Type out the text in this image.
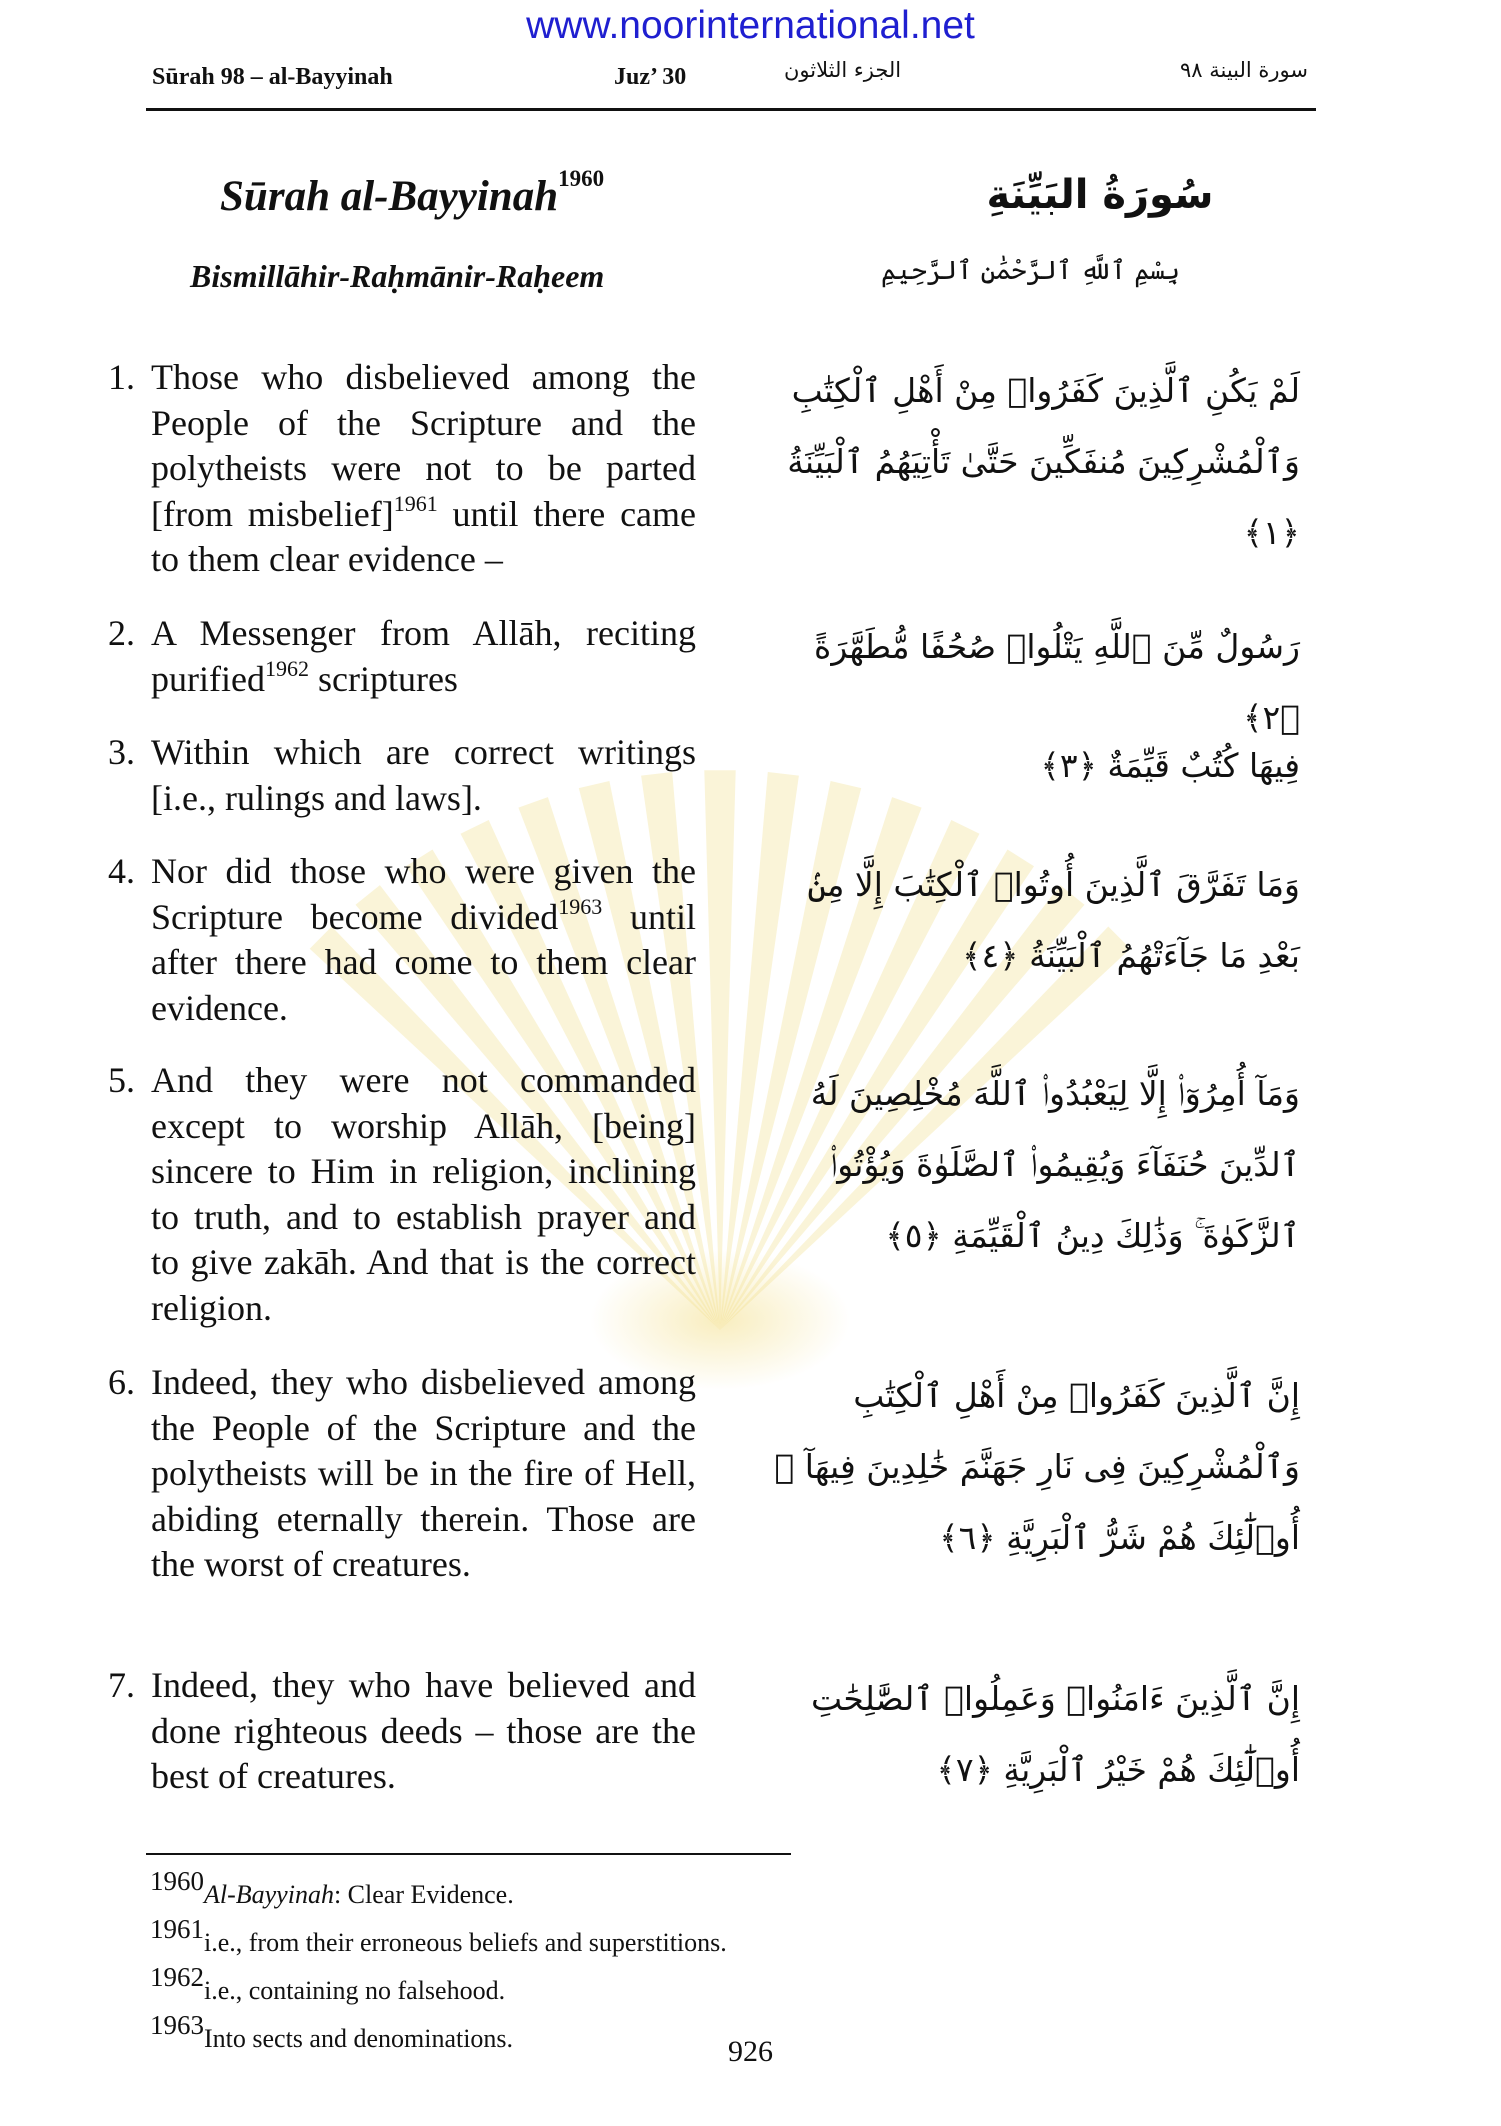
www.noorinternational.net
Sūrah 98 – al-Bayyinah	Juz’ 30	الجزء الثلاثون	سورة البينة ٩٨
Sūrah al-Bayyinah$^{1960}$	سُورَةُ البَيِّنَةِ
Bismillāhir-Raḥmānir-Raḥeem	بِسْمِ ٱللَّهِ ٱلرَّحْمَٰنِ ٱلرَّحِيمِ
1. Those who disbelieved among the People of the Scripture and the polytheists were not to be parted [from misbelief]$^{1961}$ until there came to them clear evidence –
لَمْ يَكُنِ ٱلَّذِينَ كَفَرُوا۟ مِنْ أَهْلِ ٱلْكِتَٰبِ وَٱلْمُشْرِكِينَ مُنفَكِّينَ حَتَّىٰ تَأْتِيَهُمُ ٱلْبَيِّنَةُ ﴿١﴾
2. A Messenger from Allāh, reciting purified$^{1962}$ scriptures
رَسُولٌ مِّنَ ٱللَّهِ يَتْلُوا۟ صُحُفًا مُّطَهَّرَةً ﴿٢﴾
3. Within which are correct writings [i.e., rulings and laws].
فِيهَا كُتُبٌ قَيِّمَةٌ ﴿٣﴾
4. Nor did those who were given the Scripture become divided$^{1963}$ until after there had come to them clear evidence.
وَمَا تَفَرَّقَ ٱلَّذِينَ أُوتُوا۟ ٱلْكِتَٰبَ إِلَّا مِنۢ بَعْدِ مَا جَآءَتْهُمُ ٱلْبَيِّنَةُ ﴿٤﴾
5. And they were not commanded except to worship Allāh, [being] sincere to Him in religion, inclining to truth, and to establish prayer and to give zakāh. And that is the correct religion.
وَمَآ أُمِرُوٓا۟ إِلَّا لِيَعْبُدُوا۟ ٱللَّهَ مُخْلِصِينَ لَهُ ٱلدِّينَ حُنَفَآءَ وَيُقِيمُوا۟ ٱلصَّلَوٰةَ وَيُؤْتُوا۟ ٱلزَّكَوٰةَ ۚ وَذَٰلِكَ دِينُ ٱلْقَيِّمَةِ ﴿٥﴾
6. Indeed, they who disbelieved among the People of the Scripture and the polytheists will be in the fire of Hell, abiding eternally therein. Those are the worst of creatures.
إِنَّ ٱلَّذِينَ كَفَرُوا۟ مِنْ أَهْلِ ٱلْكِتَٰبِ وَٱلْمُشْرِكِينَ فِى نَارِ جَهَنَّمَ خَٰلِدِينَ فِيهَآ ۚ أُو۟لَٰٓئِكَ هُمْ شَرُّ ٱلْبَرِيَّةِ ﴿٦﴾
7. Indeed, they who have believed and done righteous deeds – those are the best of creatures.
إِنَّ ٱلَّذِينَ ءَامَنُوا۟ وَعَمِلُوا۟ ٱلصَّٰلِحَٰتِ أُو۟لَٰٓئِكَ هُمْ خَيْرُ ٱلْبَرِيَّةِ ﴿٧﴾
1960Al-Bayyinah: Clear Evidence.
1961i.e., from their erroneous beliefs and superstitions.
1962i.e., containing no falsehood.
1963Into sects and denominations.	926
